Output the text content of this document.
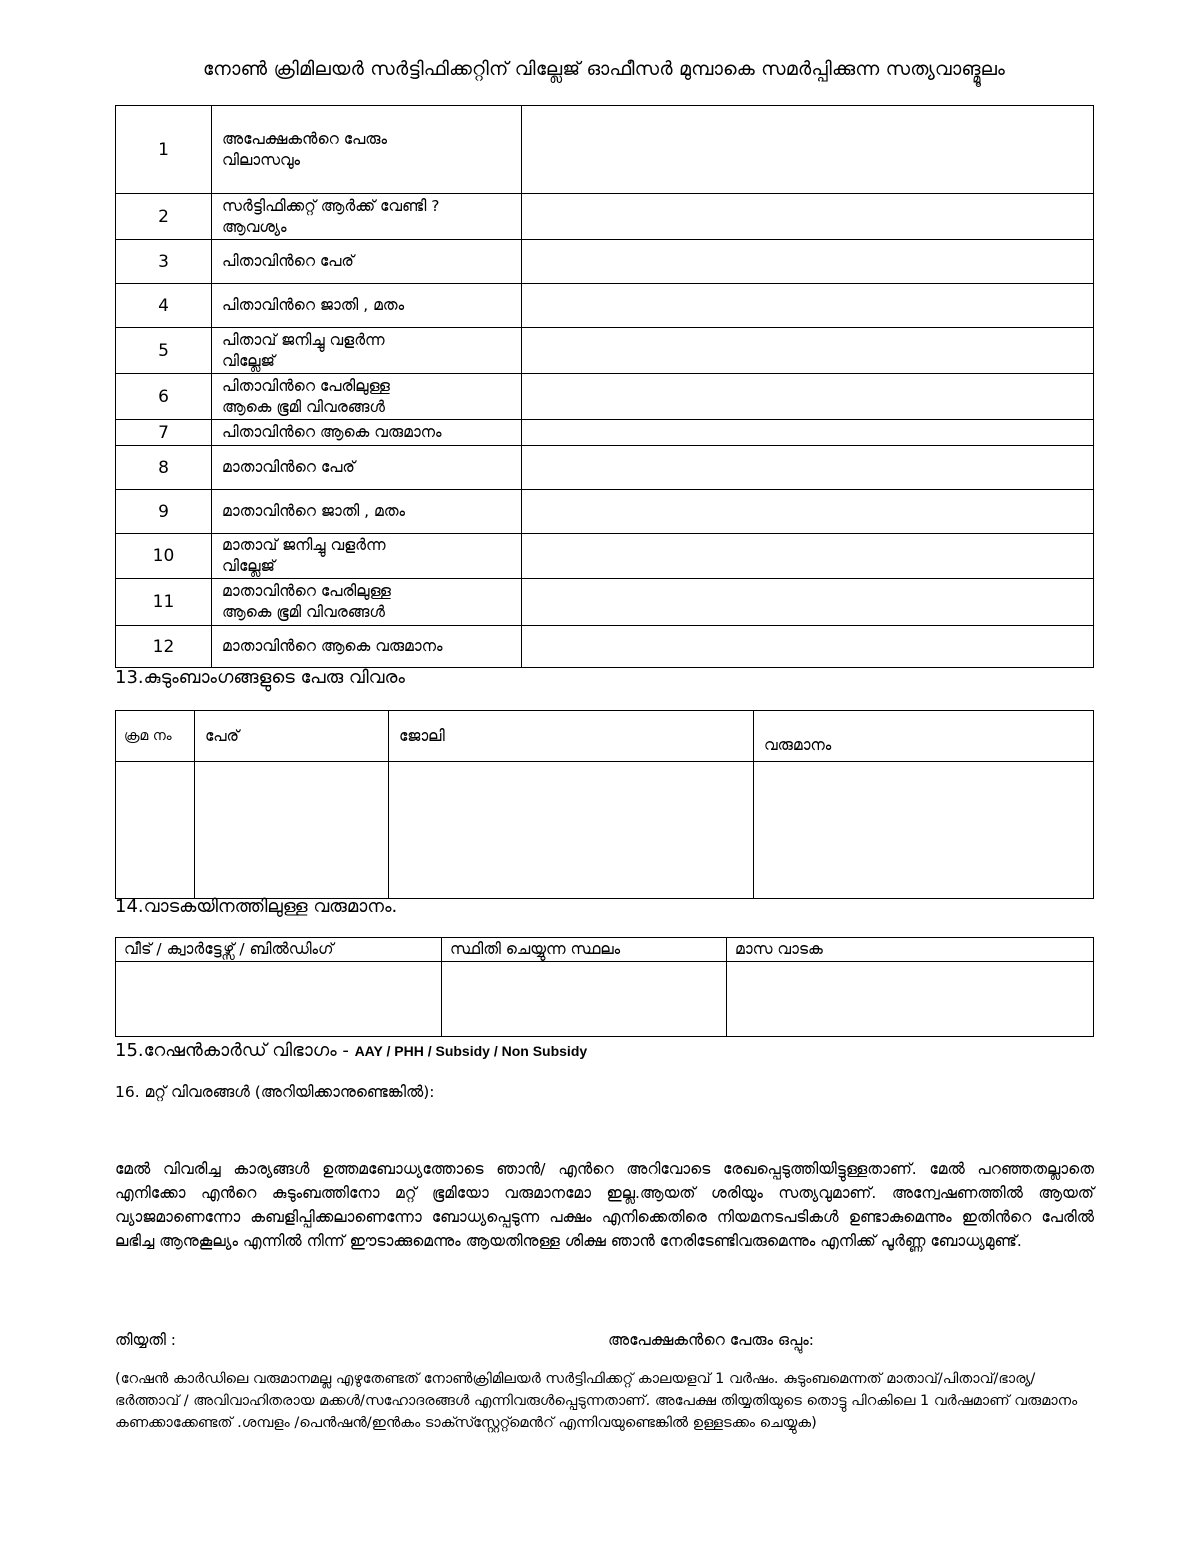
നോൺ ക്രിമിലയർ സർട്ടിഫിക്കറ്റിന് വില്ലേജ് ഓഫീസർ മുമ്പാകെ സമർപ്പിക്കുന്ന സത്യവാങ്മൂലം
1	അപേക്ഷകൻറെ പേരും
വിലാസവും	

2	സർട്ടിഫിക്കറ്റ് ആർക്ക് വേണ്ടി ?
ആവശ്യം	

3	പിതാവിൻറെ പേര്	

4	പിതാവിൻറെ ജാതി , മതം	

5	പിതാവ് ജനിച്ചു വളർന്ന
വില്ലേജ്	

6	പിതാവിൻറെ പേരിലുള്ള
ആകെ ഭൂമി വിവരങ്ങൾ	

7	പിതാവിൻറെ ആകെ വരുമാനം	

8	മാതാവിൻറെ പേര്	

9	മാതാവിൻറെ ജാതി , മതം	

10	മാതാവ് ജനിച്ചു വളർന്ന
വില്ലേജ്	

11	മാതാവിൻറെ പേരിലുള്ള
ആകെ ഭൂമി വിവരങ്ങൾ	

12	മാതാവിൻറെ ആകെ വരുമാനം	

13.കുടുംബാംഗങ്ങളുടെ പേരു വിവരം
ക്രമ നം	പേര്	ജോലി	വരുമാനം

14.വാടകയിനത്തിലുള്ള വരുമാനം.
വീട് / ക്വാർട്ടേഴ്സ് / ബിൽഡിംഗ്	സ്ഥിതി ചെയ്യുന്ന സ്ഥലം	മാസ വാടക

15.റേഷൻകാർഡ് വിഭാഗം - AAY / PHH / Subsidy / Non Subsidy
16. മറ്റ് വിവരങ്ങൾ (അറിയിക്കാനുണ്ടെങ്കിൽ):
മേൽ വിവരിച്ച കാര്യങ്ങൾ ഉത്തമബോധ്യത്തോടെ ഞാൻ/ എൻറെ അറിവോടെ രേഖപ്പെടുത്തിയിട്ടുള്ളതാണ്. മേൽ പറഞ്ഞതല്ലാതെ എനിക്കോ എൻറെ കുടുംബത്തിനോ മറ്റ് ഭൂമിയോ വരുമാനമോ ഇല്ല.ആയത് ശരിയും സത്യവുമാണ്. അന്വേഷണത്തിൽ ആയത് വ്യാജമാണെന്നോ കബളിപ്പിക്കലാണെന്നോ ബോധ്യപ്പെടുന്ന പക്ഷം എനിക്കെതിരെ നിയമനടപടികൾ ഉണ്ടാകുമെന്നും ഇതിൻറെ പേരിൽ ലഭിച്ച ആനുകൂല്യം എന്നിൽ നിന്ന് ഈടാക്കുമെന്നും ആയതിനുള്ള ശിക്ഷ ഞാൻ നേരിടേണ്ടിവരുമെന്നും എനിക്ക് പൂർണ്ണ ബോധ്യമുണ്ട്.
തിയ്യതി :	അപേക്ഷകൻറെ പേരും ഒപ്പും:
(റേഷൻ കാർഡിലെ വരുമാനമല്ല എഴുതേണ്ടത് നോൺക്രിമിലയർ സർട്ടിഫിക്കറ്റ് കാലയളവ് 1 വർഷം. കുടുംബമെന്നത് മാതാവ്/പിതാവ്/ഭാര്യ/ഭർത്താവ് / അവിവാഹിതരായ മക്കൾ/സഹോദരങ്ങൾ എന്നിവരുൾപ്പെടുന്നതാണ്. അപേക്ഷ തിയ്യതിയുടെ തൊട്ടു പിറകിലെ 1 വർഷമാണ് വരുമാനം കണക്കാക്കേണ്ടത് .ശമ്പളം /പെൻഷൻ/ഇൻകം ടാക്സ്സ്റ്റേറ്റ്മെൻറ് എന്നിവയുണ്ടെങ്കിൽ ഉള്ളടക്കം ചെയ്യുക)
